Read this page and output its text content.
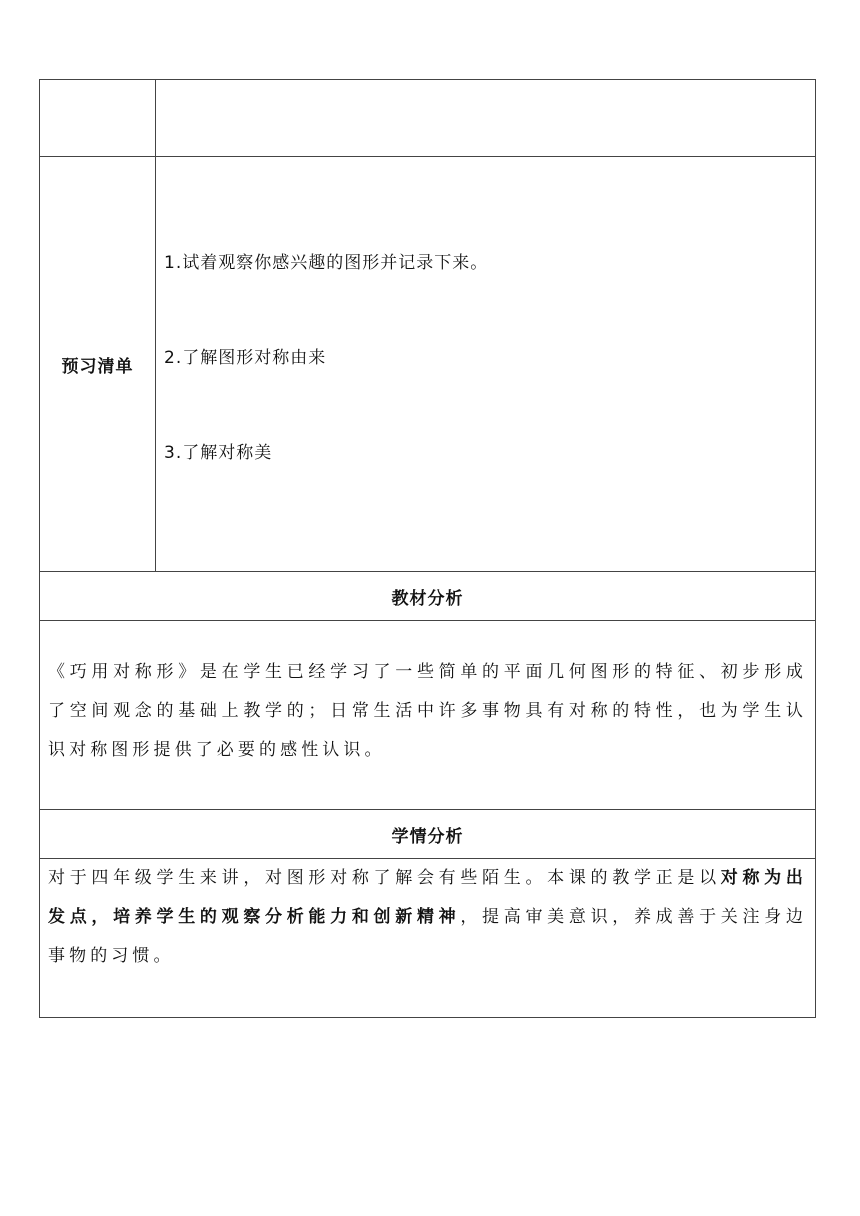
预习清单	1.试着观察你感兴趣的图形并记录下来。
2.了解图形对称由来
3.了解对称美

教材分析	

《巧用对称形》是在学生已经学习了一些简单的平面几何图形的特征、初步形成了空间观念的基础上教学的；日常生活中许多事物具有对称的特性，也为学生认识对称图形提供了必要的感性认识。	

学情分析	

对于四年级学生来讲，对图形对称了解会有些陌生。本课的教学正是以对称为出发点，培养学生的观察分析能力和创新精神，提高审美意识，养成善于关注身边事物的习惯。	
